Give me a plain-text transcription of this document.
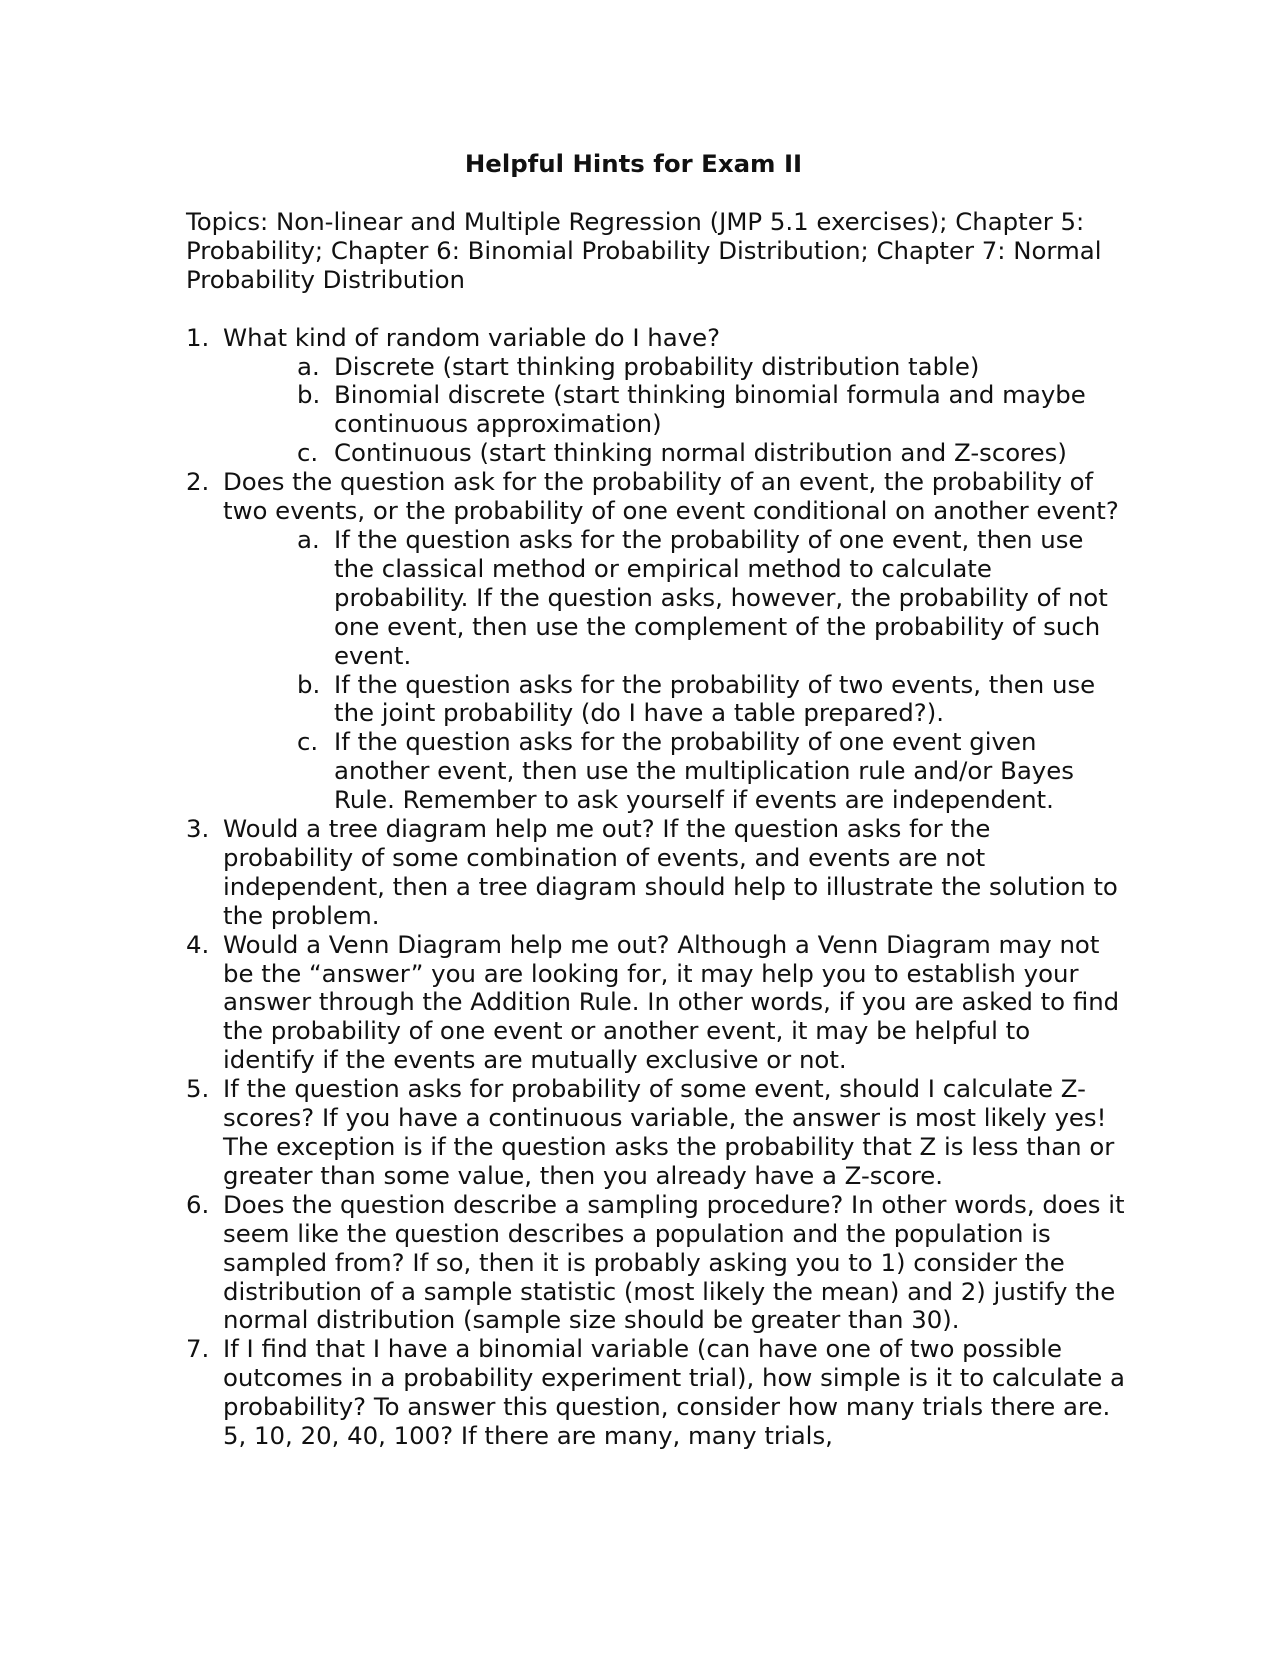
Helpful Hints for Exam II
Topics: Non-linear and Multiple Regression (JMP 5.1 exercises); Chapter 5: Probability; Chapter 6: Binomial Probability Distribution; Chapter 7: Normal Probability Distribution
1. What kind of random variable do I have?
a. Discrete (start thinking probability distribution table)
b. Binomial discrete (start thinking binomial formula and maybe continuous approximation)
c. Continuous (start thinking normal distribution and Z-scores)
2. Does the question ask for the probability of an event, the probability of two events, or the probability of one event conditional on another event?
a. If the question asks for the probability of one event, then use the classical method or empirical method to calculate probability. If the question asks, however, the probability of not one event, then use the complement of the probability of such event.
b. If the question asks for the probability of two events, then use the joint probability (do I have a table prepared?).
c. If the question asks for the probability of one event given another event, then use the multiplication rule and/or Bayes Rule. Remember to ask yourself if events are independent.
3. Would a tree diagram help me out? If the question asks for the probability of some combination of events, and events are not independent, then a tree diagram should help to illustrate the solution to the problem.
4. Would a Venn Diagram help me out? Although a Venn Diagram may not be the “answer” you are looking for, it may help you to establish your answer through the Addition Rule. In other words, if you are asked to find the probability of one event or another event, it may be helpful to identify if the events are mutually exclusive or not.
5. If the question asks for probability of some event, should I calculate Z-scores? If you have a continuous variable, the answer is most likely yes! The exception is if the question asks the probability that Z is less than or greater than some value, then you already have a Z-score.
6. Does the question describe a sampling procedure? In other words, does it seem like the question describes a population and the population is sampled from? If so, then it is probably asking you to 1) consider the distribution of a sample statistic (most likely the mean) and 2) justify the normal distribution (sample size should be greater than 30).
7. If I find that I have a binomial variable (can have one of two possible outcomes in a probability experiment trial), how simple is it to calculate a probability? To answer this question, consider how many trials there are. 5, 10, 20, 40, 100? If there are many, many trials,
